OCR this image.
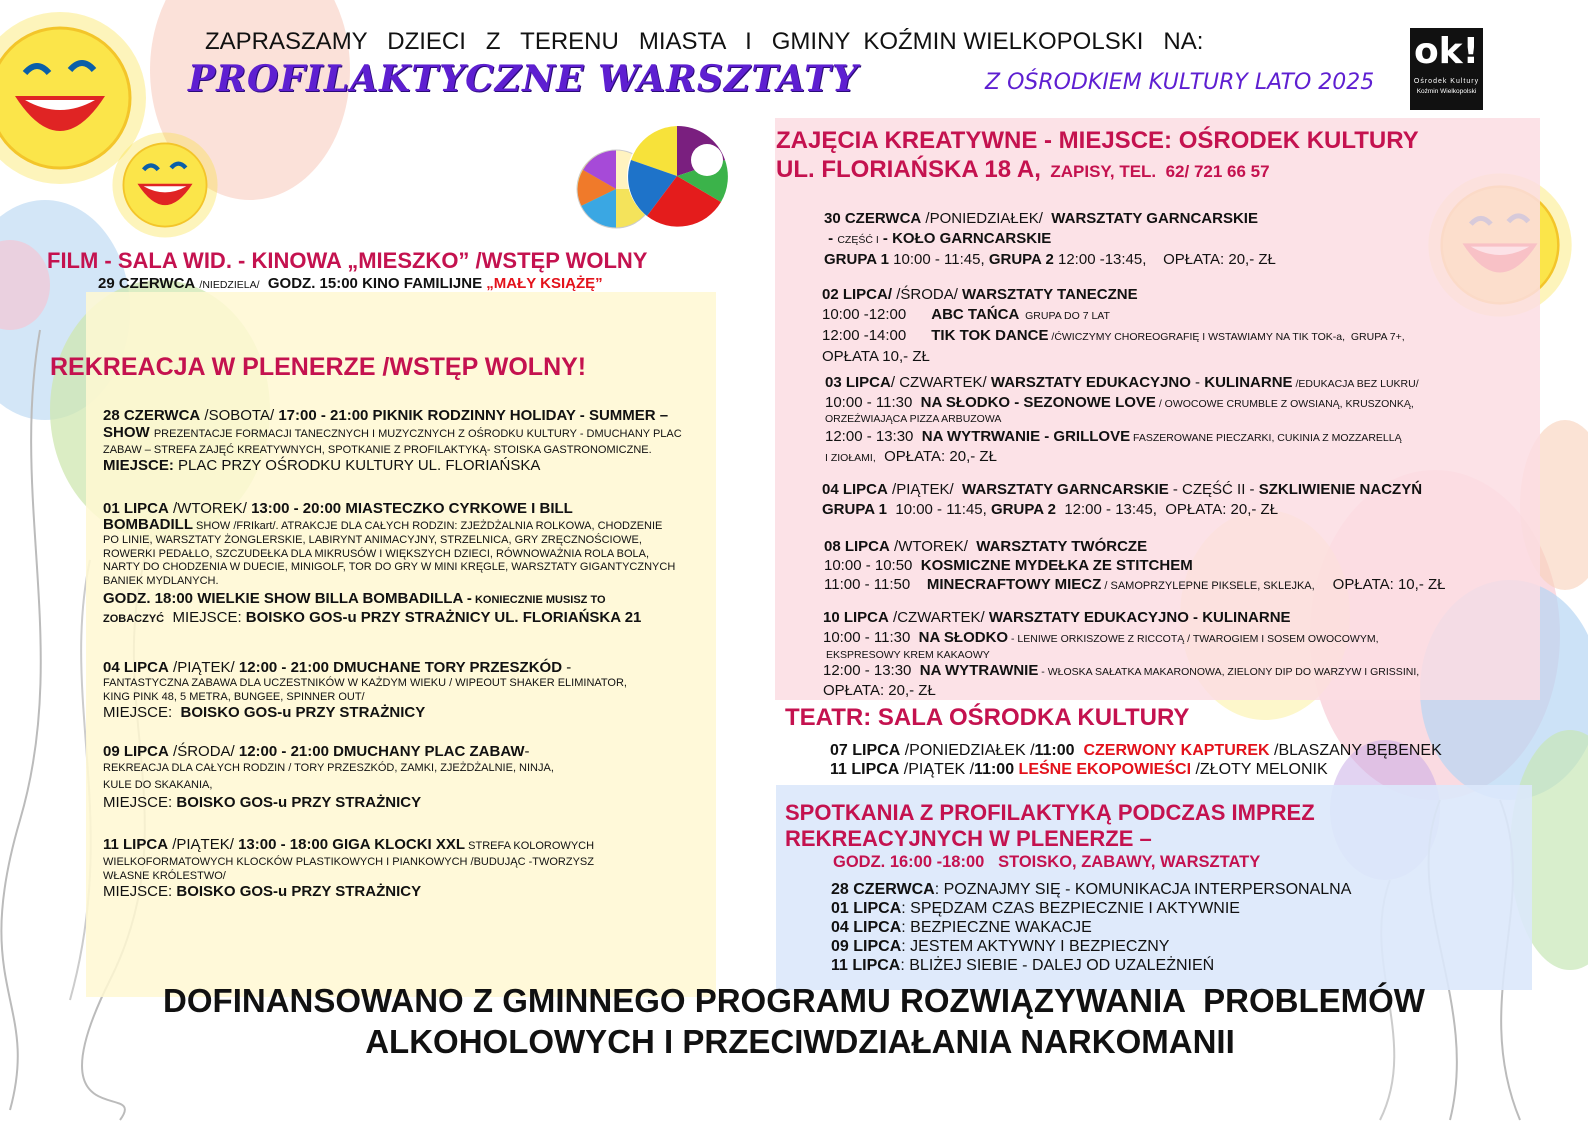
ZAPRASZAMY   DZIECI   Z   TERENU   MIASTA   I   GMINY  KOŹMIN WIELKOPOLSKI   NA:
PROFILAKTYCZNE WARSZTATY	Z OŚRODKIEM KULTURY LATO 2025
ok!
Ośrodek Kultury
Koźmin Wielkopolski
FILM - SALA WID. - KINOWA „MIESZKO” /WSTĘP WOLNY
29 CZERWCA /NIEDZIELA/ GODZ. 15:00 KINO FAMILIJNE „MAŁY KSIĄŻĘ”
REKREACJA W PLENERZE /WSTĘP WOLNY!
28 CZERWCA /SOBOTA/ 17:00 - 21:00 PIKNIK RODZINNY HOLIDAY - SUMMER –
SHOW PREZENTACJE FORMACJI TANECZNYCH I MUZYCZNYCH Z OŚRODKU KULTURY - DMUCHANY PLAC
ZABAW – STREFA ZAJĘĆ KREATYWNYCH, SPOTKANIE Z PROFILAKTYKĄ- STOISKA GASTRONOMICZNE.
MIEJSCE: PLAC PRZY OŚRODKU KULTURY UL. FLORIAŃSKA
01 LIPCA /WTOREK/ 13:00 - 20:00 MIASTECZKO CYRKOWE I BILL
BOMBADILL SHOW /FRIkart/. ATRAKCJE DLA CAŁYCH RODZIN: ZJEŻDŻALNIA ROLKOWA, CHODZENIE
PO LINIE, WARSZTATY ŻONGLERSKIE, LABIRYNT ANIMACYJNY, STRZELNICA, GRY ZRĘCZNOŚCIOWE,
ROWERKI PEDAŁLO, SZCZUDEŁKA DLA MIKRUSÓW I WIĘKSZYCH DZIECI, RÓWNOWAŻNIA ROLA BOLA,
NARTY DO CHODZENIA W DUECIE, MINIGOLF, TOR DO GRY W MINI KRĘGLE, WARSZTATY GIGANTYCZNYCH
BANIEK MYDLANYCH.
GODZ. 18:00 WIELKIE SHOW BILLA BOMBADILLA - KONIECZNIE MUSISZ TO
ZOBACZYĆ  MIEJSCE: BOISKO GOS-u PRZY STRAŻNICY UL. FLORIAŃSKA 21
04 LIPCA /PIĄTEK/ 12:00 - 21:00 DMUCHANE TORY PRZESZKÓD -
FANTASTYCZNA ZABAWA DLA UCZESTNIKÓW W KAŻDYM WIEKU / WIPEOUT SHAKER ELIMINATOR,
KING PINK 48, 5 METRA, BUNGEE, SPINNER OUT/
MIEJSCE:  BOISKO GOS-u PRZY STRAŻNICY
09 LIPCA /ŚRODA/ 12:00 - 21:00 DMUCHANY PLAC ZABAW-
REKREACJA DLA CAŁYCH RODZIN / TORY PRZESZKÓD, ZAMKI, ZJEŻDŻALNIE, NINJA,
KULE DO SKAKANIA,
MIEJSCE: BOISKO GOS-u PRZY STRAŻNICY
11 LIPCA /PIĄTEK/ 13:00 - 18:00 GIGA KLOCKI XXL STREFA KOLOROWYCH
WIELKOFORMATOWYCH KLOCKÓW PLASTIKOWYCH I PIANKOWYCH /BUDUJĄC -TWORZYSZ
WŁASNE KRÓLESTWO/
MIEJSCE: BOISKO GOS-u PRZY STRAŻNICY
ZAJĘCIA KREATYWNE - MIEJSCE: OŚRODEK KULTURY
UL. FLORIAŃSKA 18 A,  ZAPISY, TEL.  62/ 721 66 57
30 CZERWCA /PONIEDZIAŁEK/  WARSZTATY GARNCARSKIE
- CZĘŚĆ I - KOŁO GARNCARSKIE
GRUPA 1 10:00 - 11:45, GRUPA 2 12:00 -13:45,    OPŁATA: 20,- ZŁ
02 LIPCA/ /ŚRODA/ WARSZTATY TANECZNE
10:00 -12:00      ABC TAŃCA  GRUPA DO 7 LAT
12:00 -14:00      TIK TOK DANCE /ĆWICZYMY CHOREOGRAFIĘ I WSTAWIAMY NA TIK TOK-a,  GRUPA 7+,
OPŁATA 10,- ZŁ
03 LIPCA/ CZWARTEK/ WARSZTATY EDUKACYJNO - KULINARNE /EDUKACJA BEZ LUKRU/
10:00 - 11:30  NA SŁODKO - SEZONOWE LOVE / OWOCOWE CRUMBLE Z OWSIANĄ, KRUSZONKĄ,
ORZEŹWIAJĄCA PIZZA ARBUZOWA
12:00 - 13:30  NA WYTRWANIE - GRILLOVE FASZEROWANE PIECZARKI, CUKINIA Z MOZZARELLĄ
I ZIOŁAMI,  OPŁATA: 20,- ZŁ
04 LIPCA /PIĄTEK/  WARSZTATY GARNCARSKIE - CZĘŚĆ II - SZKLIWIENIE NACZYŃ
GRUPA 1  10:00 - 11:45, GRUPA 2  12:00 - 13:45,  OPŁATA: 20,- ZŁ
08 LIPCA /WTOREK/  WARSZTATY TWÓRCZE
10:00 - 10:50  KOSMICZNE MYDEŁKA ZE STITCHEM
11:00 - 11:50    MINECRAFTOWY MIECZ / SAMOPRZYLEPNE PIKSELE, SKLEJKA, OPŁATA: 10,- ZŁ
10 LIPCA /CZWARTEK/ WARSZTATY EDUKACYJNO - KULINARNE
10:00 - 11:30  NA SŁODKO - LENIWE ORKISZOWE Z RICCOTĄ / TWAROGIEM I SOSEM OWOCOWYM,
EKSPRESOWY KREM KAKAOWY
12:00 - 13:30  NA WYTRAWNIE - WŁOSKA SAŁATKA MAKARONOWA, ZIELONY DIP DO WARZYW I GRISSINI,
OPŁATA: 20,- ZŁ
TEATR: SALA OŚRODKA KULTURY
07 LIPCA /PONIEDZIAŁEK /11:00  CZERWONY KAPTUREK /BLASZANY BĘBENEK
11 LIPCA /PIĄTEK /11:00 LEŚNE EKOPOWIEŚCI /ZŁOTY MELONIK
SPOTKANIA Z PROFILAKTYKĄ PODCZAS IMPREZ
REKREACYJNYCH W PLENERZE –
GODZ. 16:00 -18:00   STOISKO, ZABAWY, WARSZTATY
28 CZERWCA: POZNAJMY SIĘ - KOMUNIKACJA INTERPERSONALNA
01 LIPCA: SPĘDZAM CZAS BEZPIECZNIE I AKTYWNIE
04 LIPCA: BEZPIECZNE WAKACJE
09 LIPCA: JESTEM AKTYWNY I BEZPIECZNY
11 LIPCA: BLIŻEJ SIEBIE - DALEJ OD UZALEŻNIEŃ
DOFINANSOWANO Z GMINNEGO PROGRAMU ROZWIĄZYWANIA  PROBLEMÓW
ALKOHOLOWYCH I PRZECIWDZIAŁANIA NARKOMANII
